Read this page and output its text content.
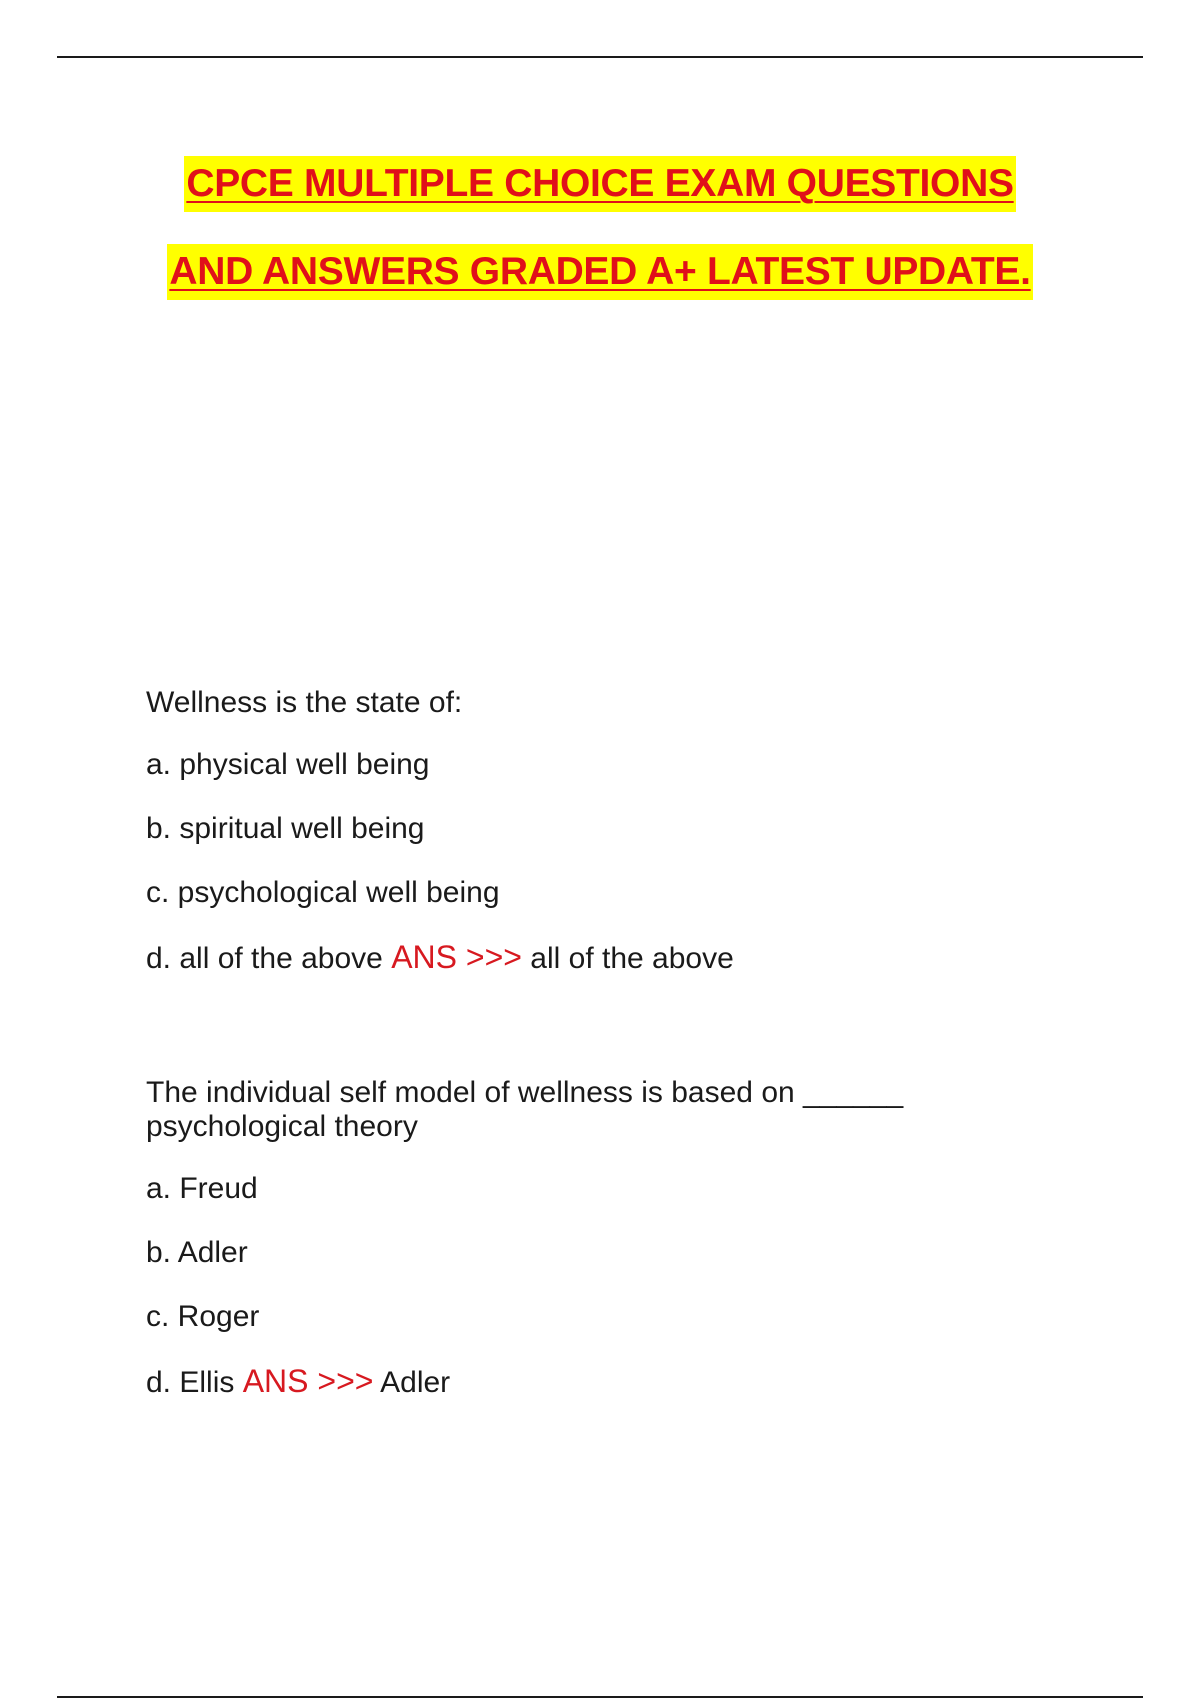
CPCE MULTIPLE CHOICE EXAM QUESTIONS
AND ANSWERS GRADED A+ LATEST UPDATE.
Wellness is the state of:
a. physical well being
b. spiritual well being
c. psychological well being
d. all of the above ANS >>> all of the above
The individual self model of wellness is based on ______
psychological theory
a. Freud
b. Adler
c. Roger
d. Ellis ANS >>> Adler
